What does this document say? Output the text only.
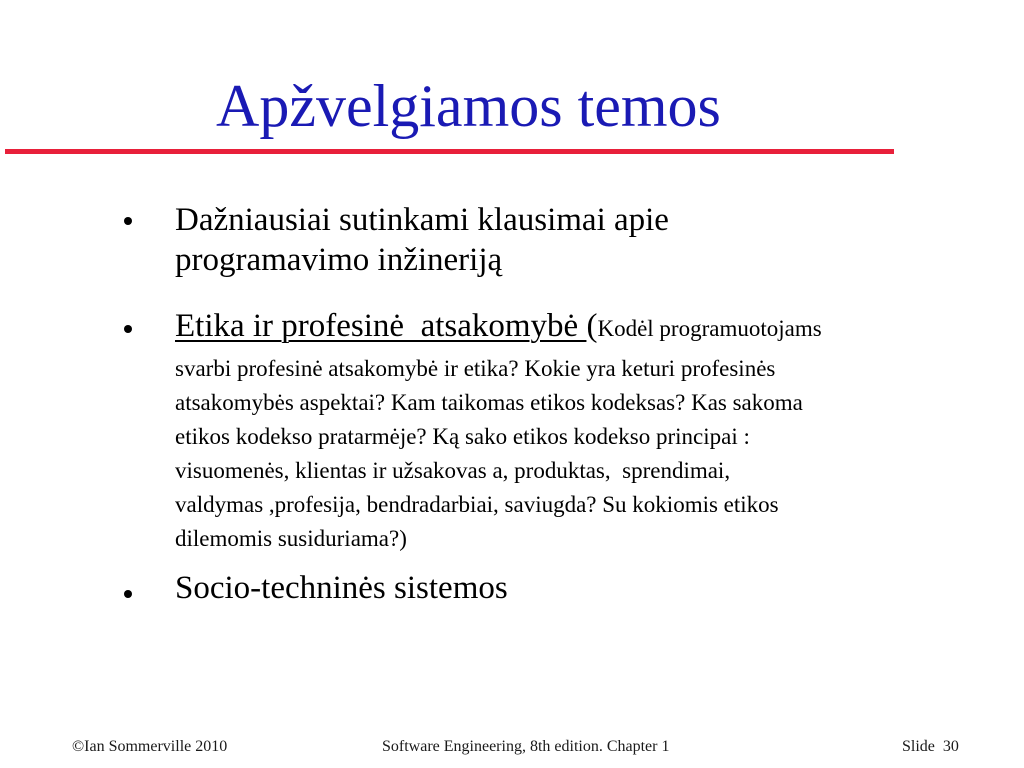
Apžvelgiamos temos
Dažniausiai sutinkami klausimai apie
programavimo inžineriją
Etika ir profesinė  atsakomybė (Kodėl programuotojams
svarbi profesinė atsakomybė ir etika? Kokie yra keturi profesinės
atsakomybės aspektai? Kam taikomas etikos kodeksas? Kas sakoma
etikos kodekso pratarmėje? Ką sako etikos kodekso principai :
visuomenės, klientas ir užsakovas a, produktas,  sprendimai,
valdymas ,profesija, bendradarbiai, saviugda? Su kokiomis etikos
dilemomis susiduriama?)
Socio-techninės sistemos
©Ian Sommerville 2010	Software Engineering, 8th edition. Chapter 1	Slide  30
